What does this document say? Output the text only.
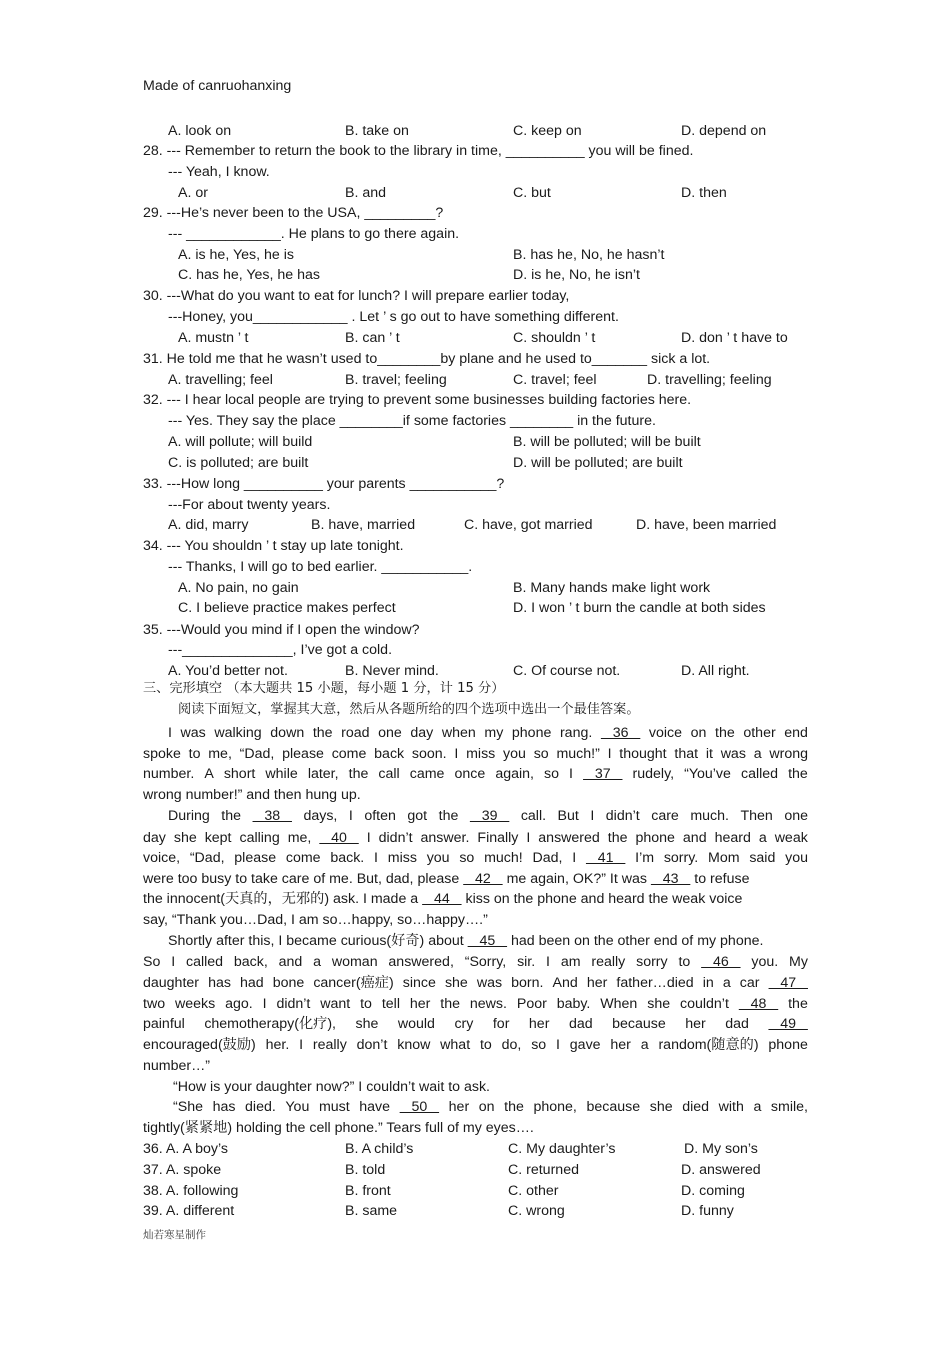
Made of canruohanxing
A. look on	B. take on	C. keep on	D. depend on
28. --- Remember to return the book to the library in time, __________ you will be fined.
--- Yeah, I know.
A. or	B. and	C. but	D. then
29. ---He’s never been to the USA, _________?
--- ____________. He plans to go there again.
A. is he, Yes, he is	B. has he, No, he hasn’t
C. has he, Yes, he has	D. is he, No, he isn’t
30. ---What do you want to eat for lunch? I will prepare earlier today,
---Honey, you____________ . Let ’ s go out to have something different.
A. mustn ’ t	B. can ’ t	C. shouldn ’ t	D. don ’ t have to
31. He told me that he wasn’t used to________by plane and he used to_______ sick a lot.
A. travelling; feel	B. travel; feeling	C. travel; feel	D. travelling; feeling
32. --- I hear local people are trying to prevent some businesses building factories here.
--- Yes. They say the place ________if some factories ________ in the future.
A. will pollute; will build	B. will be polluted; will be built
C. is polluted; are built	D. will be polluted; are built
33. ---How long __________ your parents ___________?
---For about twenty years.
A. did, marry	B. have, married	C. have, got married	D. have, been married
34. --- You shouldn ’ t stay up late tonight.
--- Thanks, I will go to bed earlier. ___________.
A. No pain, no gain	B. Many hands make light work
C. I believe practice makes perfect	D. I won ’ t burn the candle at both sides
35. ---Would you mind if I open the window?
---______________, I’ve got a cold.
A. You’d better not.	B. Never mind.	C. Of course not.	D. All right.
三、完形填空 （本大题共 15 小题，每小题 1 分，计 15 分）
阅读下面短文，掌握其大意，然后从各题所给的四个选项中选出一个最佳答案。
I was walking down the road one day when my phone rang. 36 voice on the other end
spoke to me, “Dad, please come back soon. I miss you so much!” I thought that it was a wrong
number. A short while later, the call came once again, so I 37 rudely, “You’ve called the
wrong number!” and then hung up.
During the 38 days, I often got the 39 call. But I didn’t care much. Then one
day she kept calling me, 40 I didn’t answer. Finally I answered the phone and heard a weak
voice, “Dad, please come back. I miss you so much! Dad, I 41 I’m sorry. Mom said you
were too busy to take care of me. But, dad, please    42    me again, OK?” It was    43    to refuse
the innocent(天真的，无邪的) ask. I made a    44    kiss on the phone and heard the weak voice
say, “Thank you…Dad, I am so…happy, so…happy….”
Shortly after this, I became curious(好奇) about    45    had been on the other end of my phone.
So I called back, and a woman answered, “Sorry, sir. I am really sorry to 46 you. My
daughter has had bone cancer(癌症) since she was born. And her father…died in a car 47
two weeks ago. I didn’t want to tell her the news. Poor baby. When she couldn’t 48 the
painful chemotherapy(化疗), she would cry for her dad because her dad 49
encouraged(鼓励) her. I really don’t know what to do, so I gave her a random(随意的) phone
number…”
“How is your daughter now?” I couldn’t wait to ask.
“She has died. You must have 50 her on the phone, because she died with a smile,
tightly(紧紧地) holding the cell phone.” Tears full of my eyes….
36. A. A boy’s	B. A child’s	C. My daughter’s	D. My son’s
37. A. spoke	B. told	C. returned	D. answered
38. A. following	B. front	C. other	D. coming
39. A. different	B. same	C. wrong	D. funny
灿若寒星制作
